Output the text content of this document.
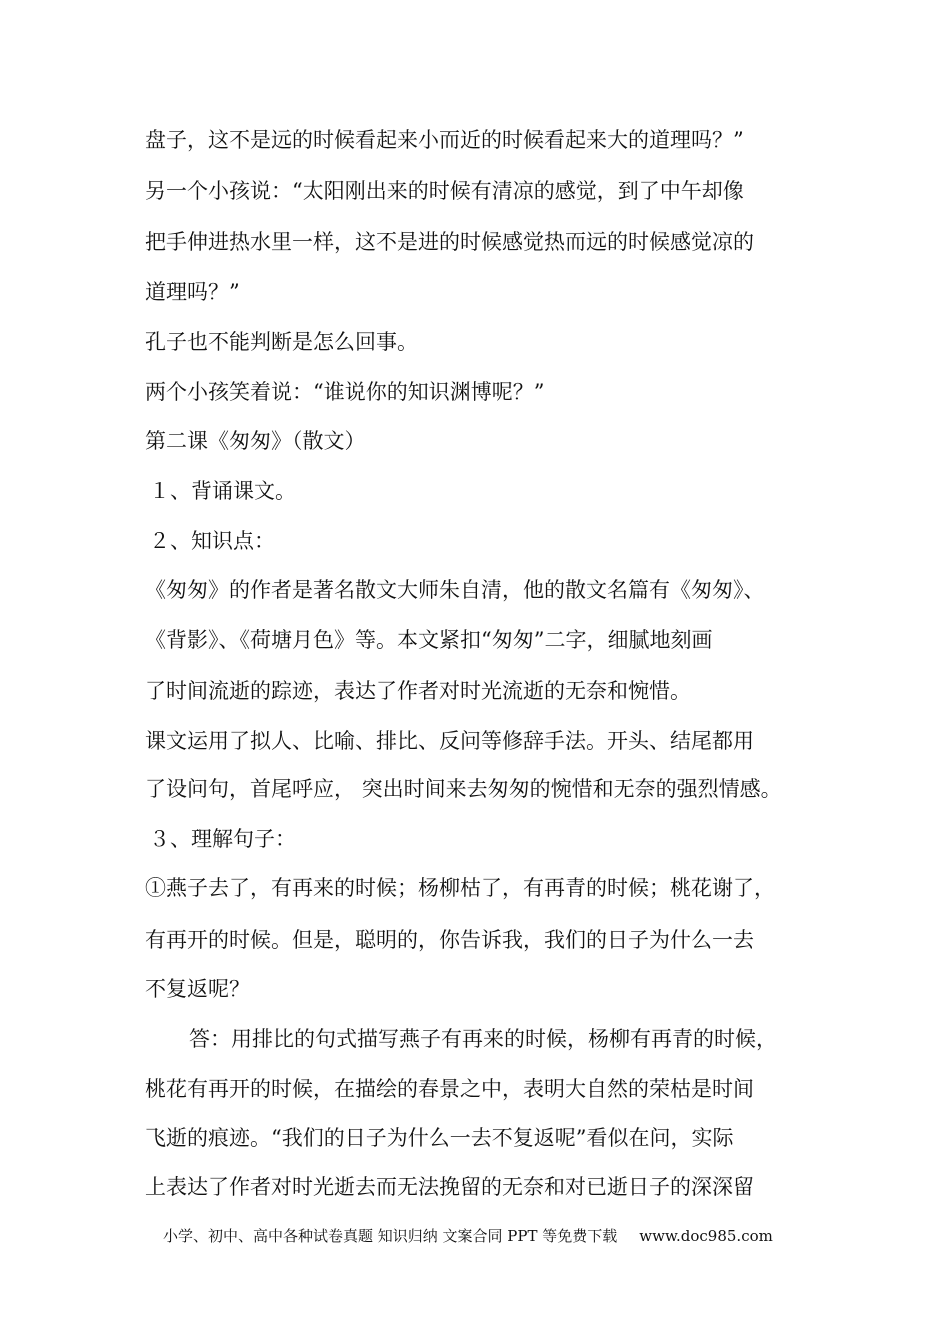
盘子，这不是远的时候看起来小而近的时候看起来大的道理吗？”
另一个小孩说：“太阳刚出来的时候有清凉的感觉，到了中午却像
把手伸进热水里一样，这不是进的时候感觉热而远的时候感觉凉的
道理吗？”
孔子也不能判断是怎么回事。
两个小孩笑着说：“谁说你的知识渊博呢？”
第二课《匆匆》（散文）
１、背诵课文。
２、知识点：
《匆匆》的作者是著名散文大师朱自清，他的散文名篇有《匆匆》、
《背影》、《荷塘月色》等。本文紧扣“匆匆”二字，细腻地刻画
了时间流逝的踪迹，表达了作者对时光流逝的无奈和惋惜。
课文运用了拟人、比喻、排比、反问等修辞手法。开头、结尾都用
了设问句，首尾呼应， 突出时间来去匆匆的惋惜和无奈的强烈情感。
３、理解句子：
①燕子去了，有再来的时候；杨柳枯了，有再青的时候；桃花谢了，
有再开的时候。但是，聪明的，你告诉我，我们的日子为什么一去
不复返呢？
答：用排比的句式描写燕子有再来的时候，杨柳有再青的时候，
桃花有再开的时候，在描绘的春景之中，表明大自然的荣枯是时间
飞逝的痕迹。“我们的日子为什么一去不复返呢”看似在问，实际
上表达了作者对时光逝去而无法挽留的无奈和对已逝日子的深深留
小学、初中、高中各种试卷真题 知识归纳 文案合同 PPT 等免费下载 www.doc985.com
